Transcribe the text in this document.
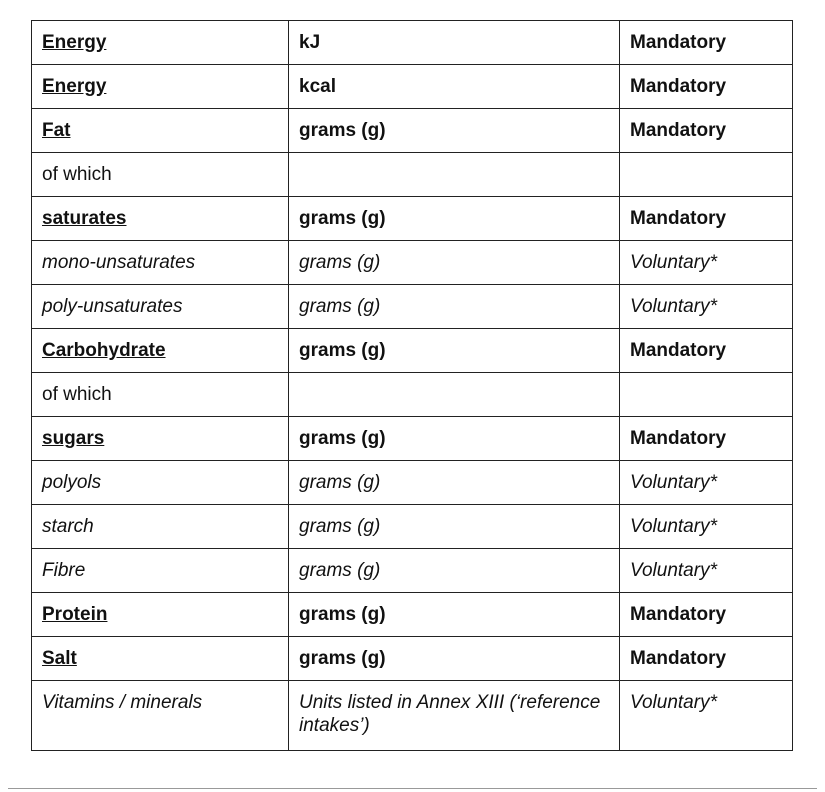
Energy	kJ	Mandatory
Energy	kcal	Mandatory
Fat	grams (g)	Mandatory
of which		
saturates	grams (g)	Mandatory
mono-unsaturates	grams (g)	Voluntary*
poly-unsaturates	grams (g)	Voluntary*
Carbohydrate	grams (g)	Mandatory
of which		
sugars	grams (g)	Mandatory
polyols	grams (g)	Voluntary*
starch	grams (g)	Voluntary*
Fibre	grams (g)	Voluntary*
Protein	grams (g)	Mandatory
Salt	grams (g)	Mandatory
Vitamins / minerals	Units listed in Annex XIII (‘reference intakes’)	Voluntary*
